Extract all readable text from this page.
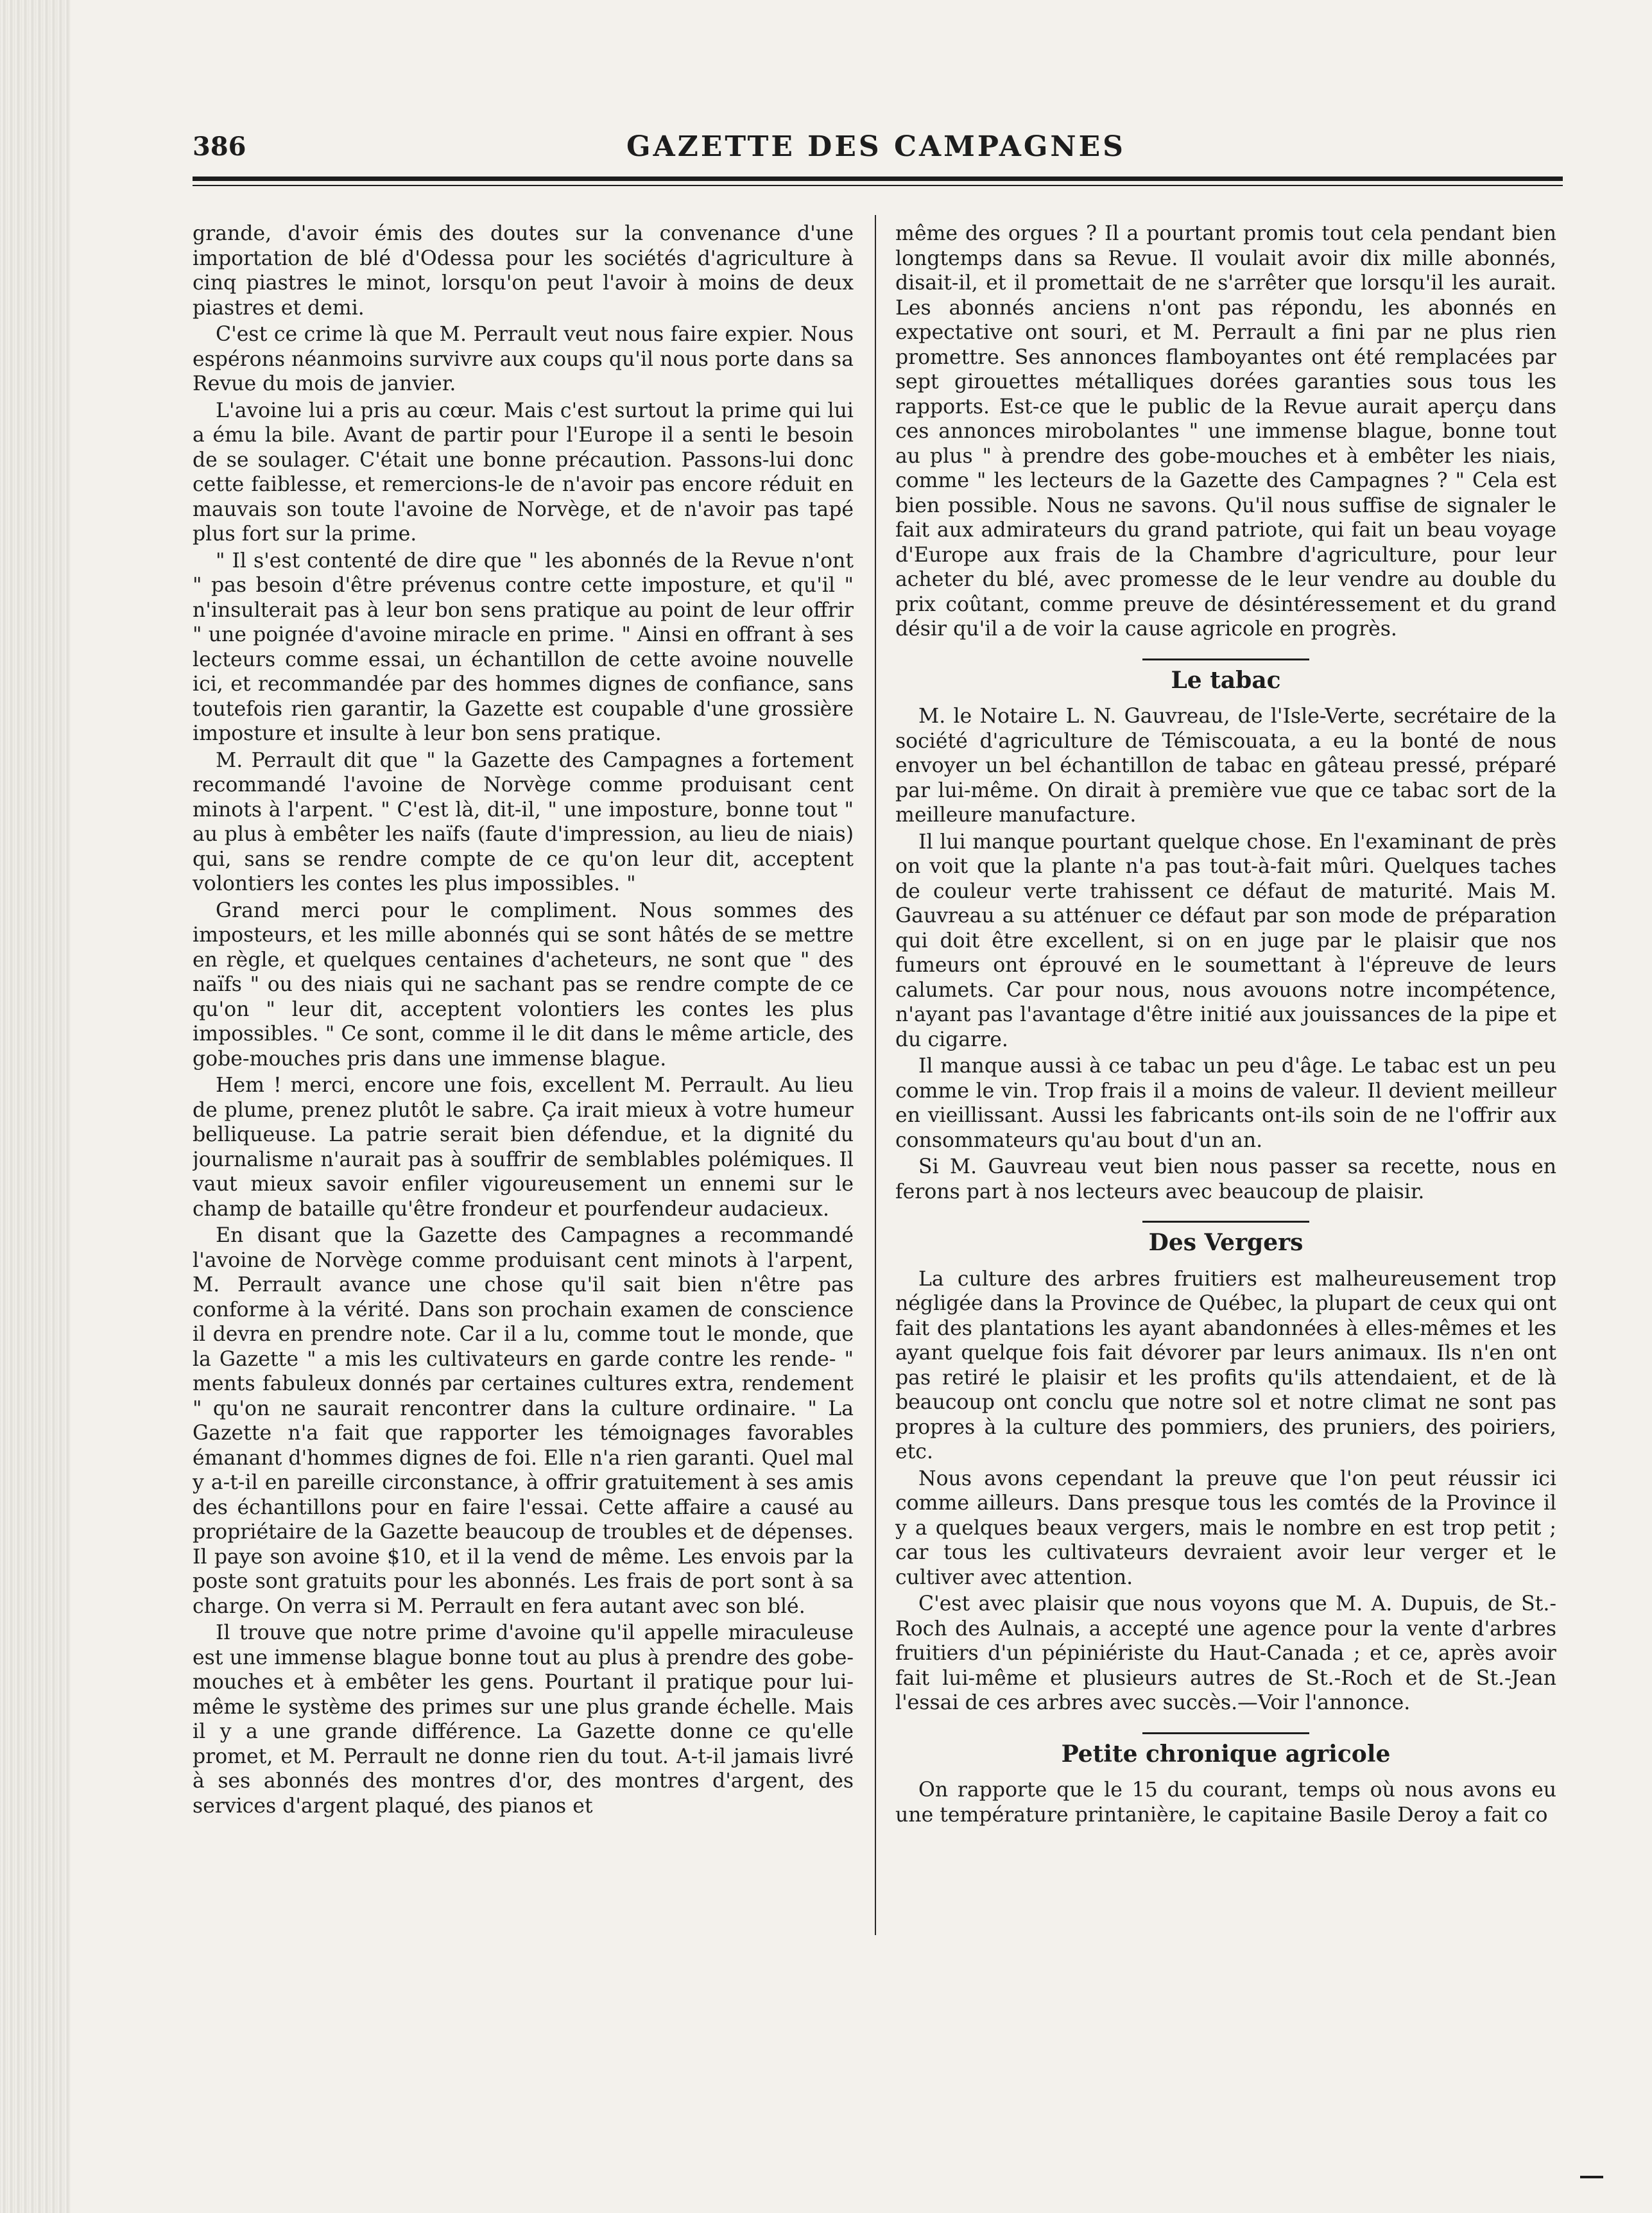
386	GAZETTE DES CAMPAGNES

grande, d'avoir émis des doutes sur la convenance d'une importation de blé d'Odessa pour les sociétés d'agriculture à cinq piastres le minot, lorsqu'on peut l'avoir à moins de deux piastres et demi.

C'est ce crime là que M. Perrault veut nous faire expier. Nous espérons néanmoins survivre aux coups qu'il nous porte dans sa Revue du mois de janvier.

L'avoine lui a pris au cœur. Mais c'est surtout la prime qui lui a ému la bile. Avant de partir pour l'Europe il a senti le besoin de se soulager. C'était une bonne précaution. Passons-lui donc cette faiblesse, et remercions-le de n'avoir pas encore réduit en mauvais son toute l'avoine de Norvège, et de n'avoir pas tapé plus fort sur la prime.

" Il s'est contenté de dire que " les abonnés de la Revue n'ont " pas besoin d'être prévenus contre cette imposture, et qu'il " n'insulterait pas à leur bon sens pratique au point de leur offrir " une poignée d'avoine miracle en prime. " Ainsi en offrant à ses lecteurs comme essai, un échantillon de cette avoine nouvelle ici, et recommandée par des hommes dignes de confiance, sans toutefois rien garantir, la Gazette est coupable d'une grossière imposture et insulte à leur bon sens pratique.

M. Perrault dit que " la Gazette des Campagnes a fortement recommandé l'avoine de Norvège comme produisant cent minots à l'arpent. " C'est là, dit-il, " une imposture, bonne tout " au plus à embêter les naïfs (faute d'impression, au lieu de niais) qui, sans se rendre compte de ce qu'on leur dit, acceptent volontiers les contes les plus impossibles. "

Grand merci pour le compliment. Nous sommes des imposteurs, et les mille abonnés qui se sont hâtés de se mettre en règle, et quelques centaines d'acheteurs, ne sont que " des naïfs " ou des niais qui ne sachant pas se rendre compte de ce qu'on " leur dit, acceptent volontiers les contes les plus impossibles. " Ce sont, comme il le dit dans le même article, des gobe-mouches pris dans une immense blague.

Hem ! merci, encore une fois, excellent M. Perrault. Au lieu de plume, prenez plutôt le sabre. Ça irait mieux à votre humeur belliqueuse. La patrie serait bien défendue, et la dignité du journalisme n'aurait pas à souffrir de semblables polémiques. Il vaut mieux savoir enfiler vigoureusement un ennemi sur le champ de bataille qu'être frondeur et pourfendeur audacieux.

En disant que la Gazette des Campagnes a recommandé l'avoine de Norvège comme produisant cent minots à l'arpent, M. Perrault avance une chose qu'il sait bien n'être pas conforme à la vérité. Dans son prochain examen de conscience il devra en prendre note. Car il a lu, comme tout le monde, que la Gazette " a mis les cultivateurs en garde contre les rende- " ments fabuleux donnés par certaines cultures extra, rendement " qu'on ne saurait rencontrer dans la culture ordinaire. " La Gazette n'a fait que rapporter les témoignages favorables émanant d'hommes dignes de foi. Elle n'a rien garanti. Quel mal y a-t-il en pareille circonstance, à offrir gratuitement à ses amis des échantillons pour en faire l'essai. Cette affaire a causé au propriétaire de la Gazette beaucoup de troubles et de dépenses. Il paye son avoine $10, et il la vend de même. Les envois par la poste sont gratuits pour les abonnés. Les frais de port sont à sa charge. On verra si M. Perrault en fera autant avec son blé.

Il trouve que notre prime d'avoine qu'il appelle miraculeuse est une immense blague bonne tout au plus à prendre des gobe-mouches et à embêter les gens. Pourtant il pratique pour lui-même le système des primes sur une plus grande échelle. Mais il y a une grande différence. La Gazette donne ce qu'elle promet, et M. Perrault ne donne rien du tout. A-t-il jamais livré à ses abonnés des montres d'or, des montres d'argent, des services d'argent plaqué, des pianos et

même des orgues ? Il a pourtant promis tout cela pendant bien longtemps dans sa Revue. Il voulait avoir dix mille abonnés, disait-il, et il promettait de ne s'arrêter que lorsqu'il les aurait. Les abonnés anciens n'ont pas répondu, les abonnés en expectative ont souri, et M. Perrault a fini par ne plus rien promettre. Ses annonces flamboyantes ont été remplacées par sept girouettes métalliques dorées garanties sous tous les rapports. Est-ce que le public de la Revue aurait aperçu dans ces annonces mirobolantes " une immense blague, bonne tout au plus " à prendre des gobe-mouches et à embêter les niais, comme " les lecteurs de la Gazette des Campagnes ? " Cela est bien possible. Nous ne savons. Qu'il nous suffise de signaler le fait aux admirateurs du grand patriote, qui fait un beau voyage d'Europe aux frais de la Chambre d'agriculture, pour leur acheter du blé, avec promesse de le leur vendre au double du prix coûtant, comme preuve de désintéressement et du grand désir qu'il a de voir la cause agricole en progrès.

Le tabac

M. le Notaire L. N. Gauvreau, de l'Isle-Verte, secrétaire de la société d'agriculture de Témiscouata, a eu la bonté de nous envoyer un bel échantillon de tabac en gâteau pressé, préparé par lui-même. On dirait à première vue que ce tabac sort de la meilleure manufacture.

Il lui manque pourtant quelque chose. En l'examinant de près on voit que la plante n'a pas tout-à-fait mûri. Quelques taches de couleur verte trahissent ce défaut de maturité. Mais M. Gauvreau a su atténuer ce défaut par son mode de préparation qui doit être excellent, si on en juge par le plaisir que nos fumeurs ont éprouvé en le soumettant à l'épreuve de leurs calumets. Car pour nous, nous avouons notre incompétence, n'ayant pas l'avantage d'être initié aux jouissances de la pipe et du cigarre.

Il manque aussi à ce tabac un peu d'âge. Le tabac est un peu comme le vin. Trop frais il a moins de valeur. Il devient meilleur en vieillissant. Aussi les fabricants ont-ils soin de ne l'offrir aux consommateurs qu'au bout d'un an.

Si M. Gauvreau veut bien nous passer sa recette, nous en ferons part à nos lecteurs avec beaucoup de plaisir.

Des Vergers

La culture des arbres fruitiers est malheureusement trop négligée dans la Province de Québec, la plupart de ceux qui ont fait des plantations les ayant abandonnées à elles-mêmes et les ayant quelque fois fait dévorer par leurs animaux. Ils n'en ont pas retiré le plaisir et les profits qu'ils attendaient, et de là beaucoup ont conclu que notre sol et notre climat ne sont pas propres à la culture des pommiers, des pruniers, des poiriers, etc.

Nous avons cependant la preuve que l'on peut réussir ici comme ailleurs. Dans presque tous les comtés de la Province il y a quelques beaux vergers, mais le nombre en est trop petit ; car tous les cultivateurs devraient avoir leur verger et le cultiver avec attention.

C'est avec plaisir que nous voyons que M. A. Dupuis, de St.-Roch des Aulnais, a accepté une agence pour la vente d'arbres fruitiers d'un pépiniériste du Haut-Canada ; et ce, après avoir fait lui-même et plusieurs autres de St.-Roch et de St.-Jean l'essai de ces arbres avec succès.—Voir l'annonce.

Petite chronique agricole

On rapporte que le 15 du courant, temps où nous avons eu une température printanière, le capitaine Basile Deroy a fait co
